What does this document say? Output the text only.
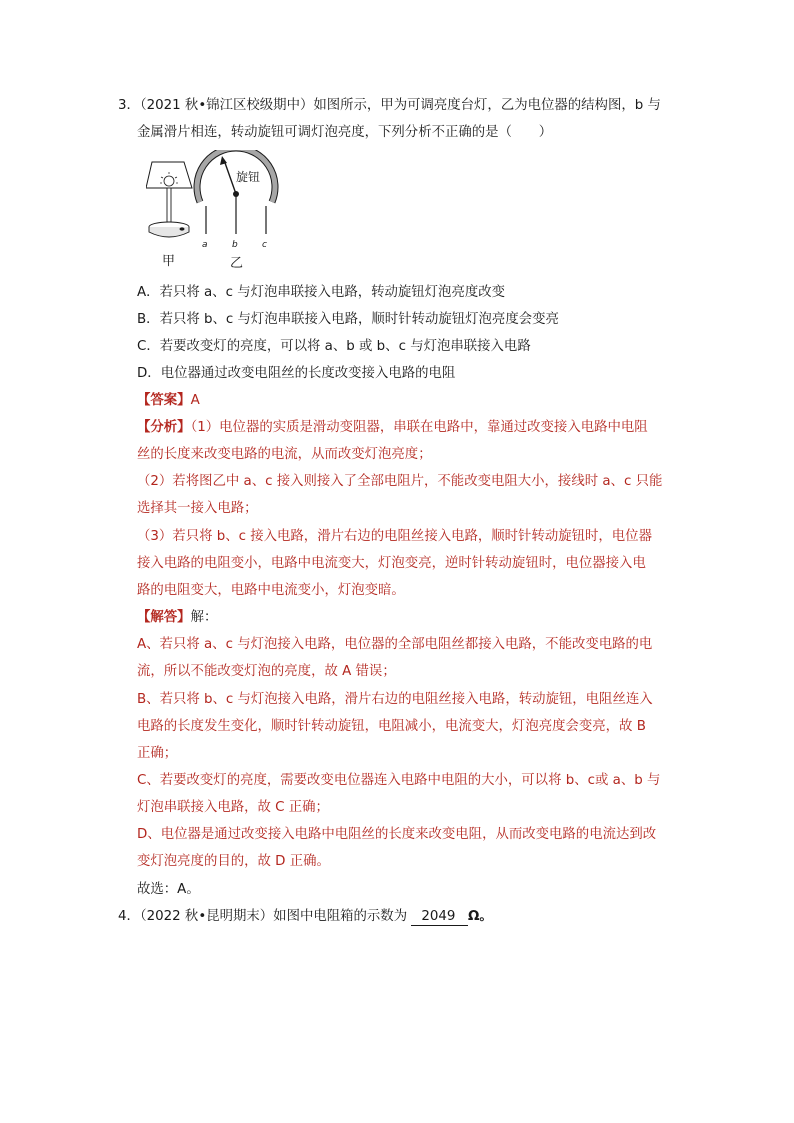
3．（2021 秋•锦江区校级期中）如图所示，甲为可调亮度台灯，乙为电位器的结构图，b 与
金属滑片相连，转动旋钮可调灯泡亮度，下列分析不正确的是（　　）
旋钮
a	b	c
甲	乙
A．若只将 a、c 与灯泡串联接入电路，转动旋钮灯泡亮度改变
B．若只将 b、c 与灯泡串联接入电路，顺时针转动旋钮灯泡亮度会变亮
C．若要改变灯的亮度，可以将 a、b 或 b、c 与灯泡串联接入电路
D．电位器通过改变电阻丝的长度改变接入电路的电阻
【答案】A
【分析】（1）电位器的实质是滑动变阻器，串联在电路中，靠通过改变接入电路中电阻
丝的长度来改变电路的电流，从而改变灯泡亮度；
（2）若将图乙中 a、c 接入则接入了全部电阻片，不能改变电阻大小，接线时 a、c 只能
选择其一接入电路；
（3）若只将 b、c 接入电路，滑片右边的电阻丝接入电路，顺时针转动旋钮时，电位器
接入电路的电阻变小，电路中电流变大，灯泡变亮，逆时针转动旋钮时，电位器接入电
路的电阻变大，电路中电流变小，灯泡变暗。
【解答】解：
A、若只将 a、c 与灯泡接入电路，电位器的全部电阻丝都接入电路，不能改变电路的电
流，所以不能改变灯泡的亮度，故 A 错误；
B、若只将 b、c 与灯泡接入电路，滑片右边的电阻丝接入电路，转动旋钮，电阻丝连入
电路的长度发生变化，顺时针转动旋钮，电阻减小，电流变大，灯泡亮度会变亮，故 B
正确；
C、若要改变灯的亮度，需要改变电位器连入电路中电阻的大小，可以将 b、c或 a、b 与
灯泡串联接入电路，故 C 正确；
D、电位器是通过改变接入电路中电阻丝的长度来改变电阻，从而改变电路的电流达到改
变灯泡亮度的目的，故 D 正确。
故选：A。
4．（2022 秋•昆明期末）如图中电阻箱的示数为 2049 Ω。
